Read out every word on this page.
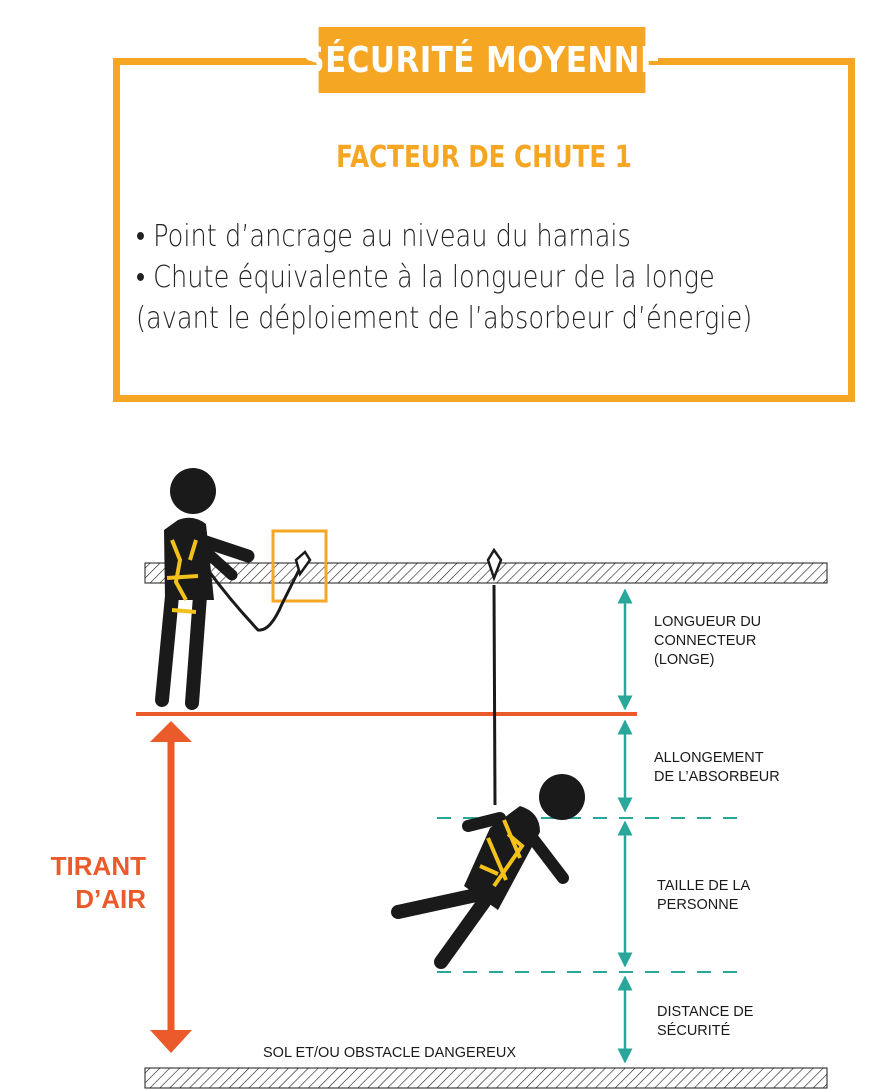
SÉCURITÉ MOYENNE
FACTEUR DE CHUTE 1
• Point d’ancrage au niveau du harnais
• Chute équivalente à la longueur de la longe
(avant le déploiement de l’absorbeur d’énergie)
LONGUEUR DU
CONNECTEUR
(LONGE)
ALLONGEMENT
DE L’ABSORBEUR
TAILLE DE LA
PERSONNE
DISTANCE DE
SÉCURITÉ
TIRANT
D’AIR
SOL ET/OU OBSTACLE DANGEREUX
